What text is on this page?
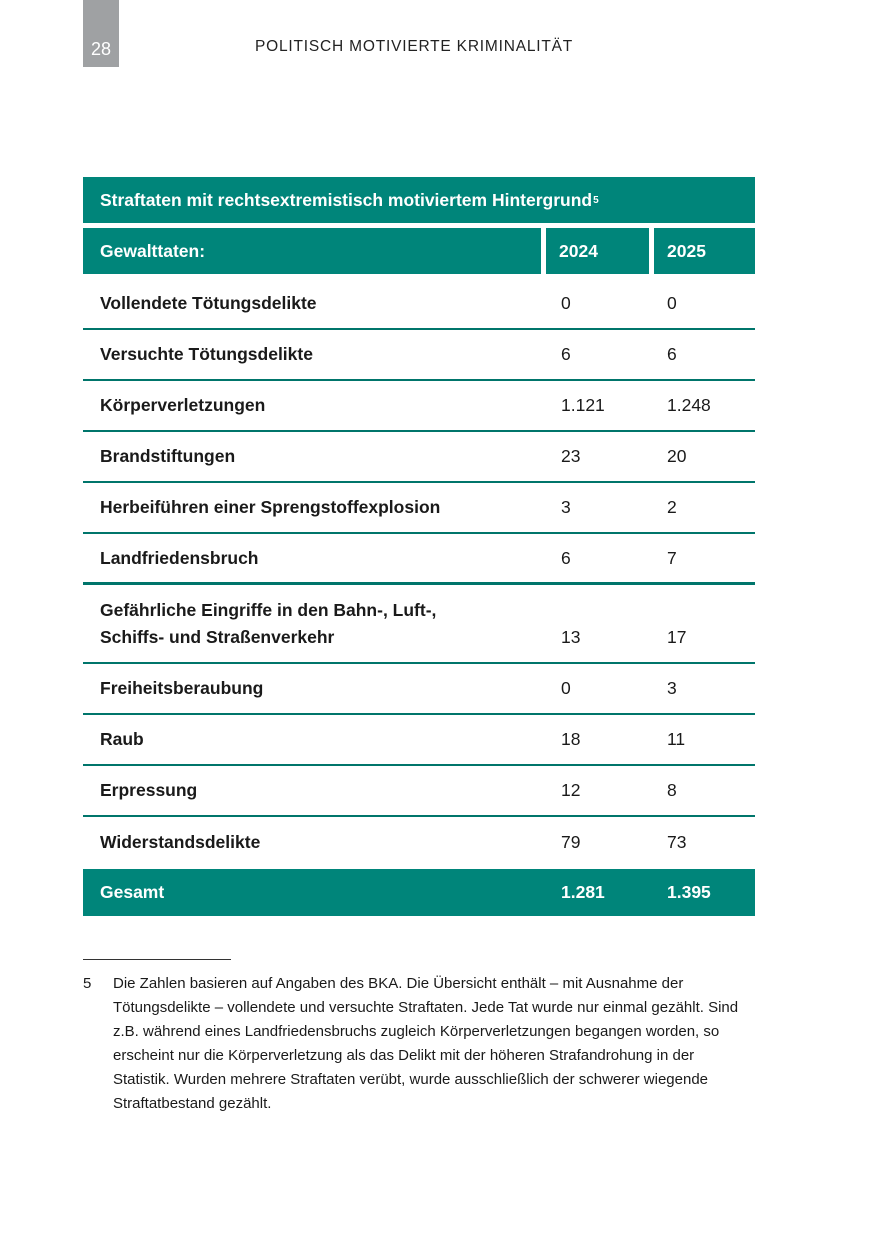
28	POLITISCH MOTIVIERTE KRIMINALITÄT
Straftaten mit rechtsextremistisch motiviertem Hintergrund 5
Gewalttaten:	2024	2025
Vollendete Tötungsdelikte	0	0
Versuchte Tötungsdelikte	6	6
Körperverletzungen	1.121	1.248
Brandstiftungen	23	20
Herbeiführen einer Sprengstoffexplosion	3	2
Landfriedensbruch	6	7
Gefährliche Eingriffe in den Bahn-, Luft-,
Schiffs- und Straßenverkehr	13	17
Freiheitsberaubung	0	3
Raub	18	11
Erpressung	12	8
Widerstandsdelikte	79	73
Gesamt	1.281	1.395
5 Die Zahlen basieren auf Angaben des BKA. Die Übersicht enthält – mit Ausnahme der Tötungsdelikte – vollendete und versuchte Straftaten. Jede Tat wurde nur einmal gezählt. Sind z.B. während eines Landfriedensbruchs zugleich Körperverletzungen begangen worden, so erscheint nur die Körperverletzung als das Delikt mit der höheren Strafandrohung in der Statistik. Wurden mehrere Straftaten verübt, wurde ausschließlich der schwerer wiegende Straftatbestand gezählt.
